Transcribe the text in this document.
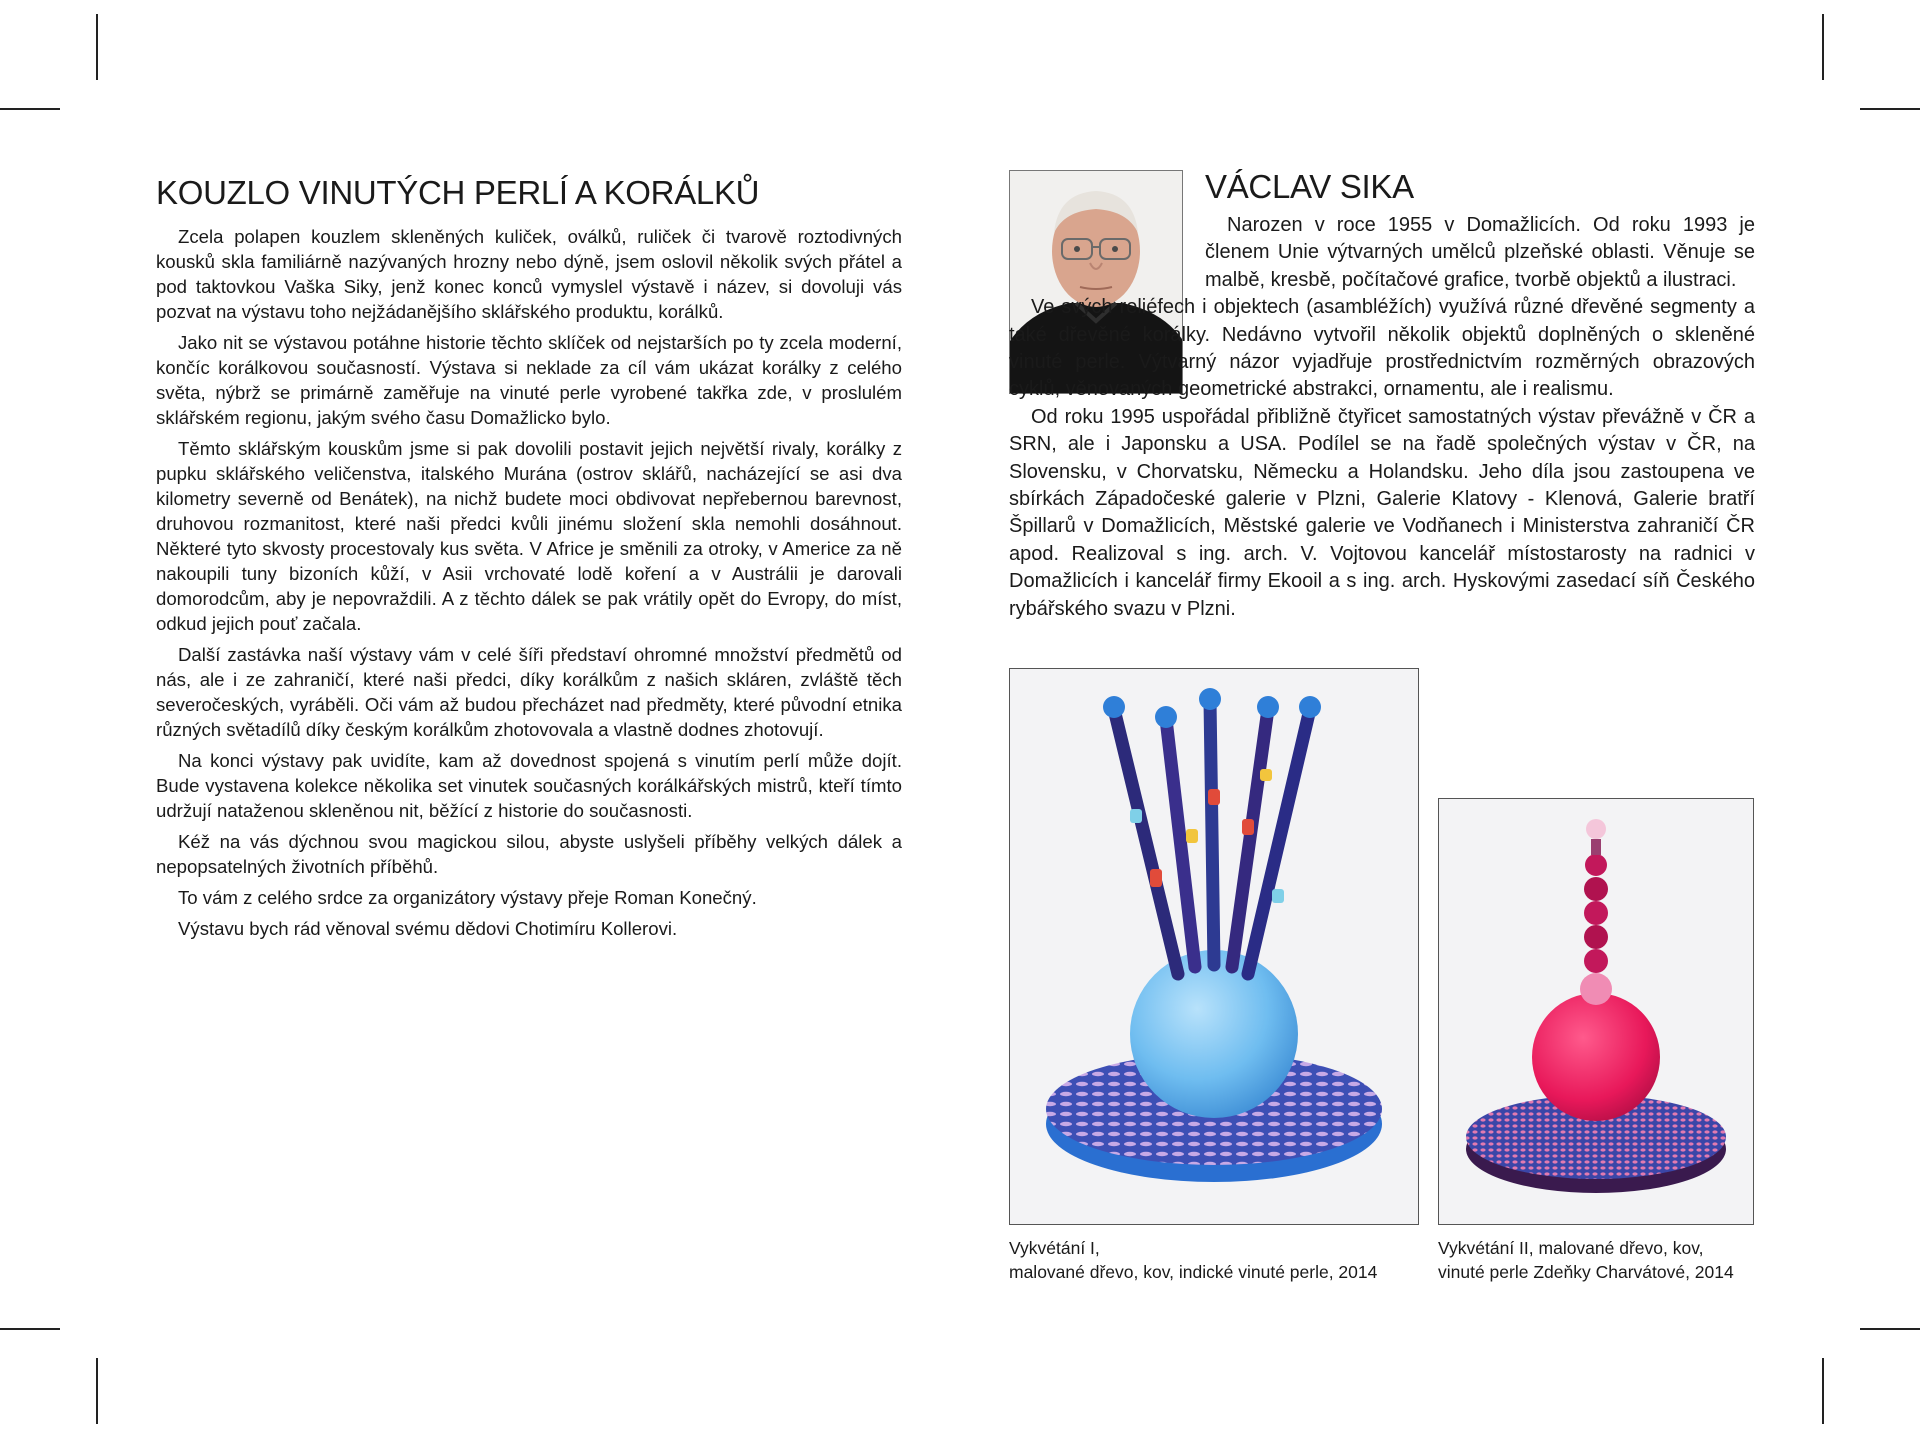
KOUZLO VINUTÝCH PERLÍ A KORÁLKŮ

Zcela polapen kouzlem skleněných kuliček, oválků, ruliček či tvarově roztodivných kousků skla familiárně nazývaných hrozny nebo dýně, jsem oslovil několik svých přátel a pod taktovkou Vaška Siky, jenž konec konců vymyslel výstavě i název, si dovoluji vás pozvat na výstavu toho nejžádanějšího sklářského produktu, korálků.

Jako nit se výstavou potáhne historie těchto sklíček od nejstarších po ty zcela moderní, končíc korálkovou současností. Výstava si neklade za cíl vám ukázat korálky z celého světa, nýbrž se primárně zaměřuje na vinuté perle vyrobené takřka zde, v proslulém sklářském regionu, jakým svého času Domažlicko bylo.

Těmto sklářským kouskům jsme si pak dovolili postavit jejich největší rivaly, korálky z pupku sklářského veličenstva, italského Murána (ostrov sklářů, nacházející se asi dva kilometry severně od Benátek), na nichž budete moci obdivovat nepřebernou barevnost, druhovou rozmanitost, které naši předci kvůli jinému složení skla nemohli dosáhnout. Některé tyto skvosty procestovaly kus světa. V Africe je směnili za otroky, v Americe za ně nakoupili tuny bizoních kůží, v Asii vrchovaté lodě koření a v Austrálii je darovali domorodcům, aby je nepovraždili. A z těchto dálek se pak vrátily opět do Evropy, do míst, odkud jejich pouť začala.

Další zastávka naší výstavy vám v celé šíři představí ohromné množství předmětů od nás, ale i ze zahraničí, které naši předci, díky korálkům z našich skláren, zvláště těch severočeských, vyráběli. Oči vám až budou přecházet nad předměty, které původní etnika různých světadílů díky českým korálkům zhotovovala a vlastně dodnes zhotovují.

Na konci výstavy pak uvidíte, kam až dovednost spojená s vinutím perlí může dojít. Bude vystavena kolekce několika set vinutek současných korálkářských mistrů, kteří tímto udržují nataženou skleněnou nit, běžící z historie do současnosti.

Kéž na vás dýchnou svou magickou silou, abyste uslyšeli příběhy velkých dálek a nepopsatelných životních příběhů.

To vám z celého srdce za organizátory výstavy přeje Roman Konečný.

Výstavu bych rád věnoval svému dědovi Chotimíru Kollerovi.

VÁCLAV SIKA

Narozen v roce 1955 v Domažlicích. Od roku 1993 je členem Unie výtvarných umělců plzeňské oblasti. Věnuje se malbě, kresbě, počítačové grafice, tvorbě objektů a ilustraci.

Ve svých reliéfech i objektech (asambléžích) využívá různé dřevěné segmenty a také dřevěné korálky. Nedávno vytvořil několik objektů doplněných o skleněné vinuté perle. Výtvarný názor vyjadřuje prostřednictvím rozměrných obrazových cyklů, věnovaných geometrické abstrakci, ornamentu, ale i realismu.

Od roku 1995 uspořádal přibližně čtyřicet samostatných výstav převážně v ČR a SRN, ale i Japonsku a USA. Podílel se na řadě společných výstav v ČR, na Slovensku, v Chorvatsku, Německu a Holandsku. Jeho díla jsou zastoupena ve sbírkách Západočeské galerie v Plzni, Galerie Klatovy - Klenová, Galerie bratří Špillarů v Domažlicích, Městské galerie ve Vodňanech i Ministerstva zahraničí ČR apod. Realizoval s ing. arch. V. Vojtovou kancelář místostarosty na radnici v Domažlicích i kancelář firmy Ekooil a s ing. arch. Hyskovými zasedací síň Českého rybářského svazu v Plzni.

Vykvétání I,
malované dřevo, kov, indické vinuté perle, 2014
Vykvétání II, malované dřevo, kov,
vinuté perle Zdeňky Charvátové, 2014
